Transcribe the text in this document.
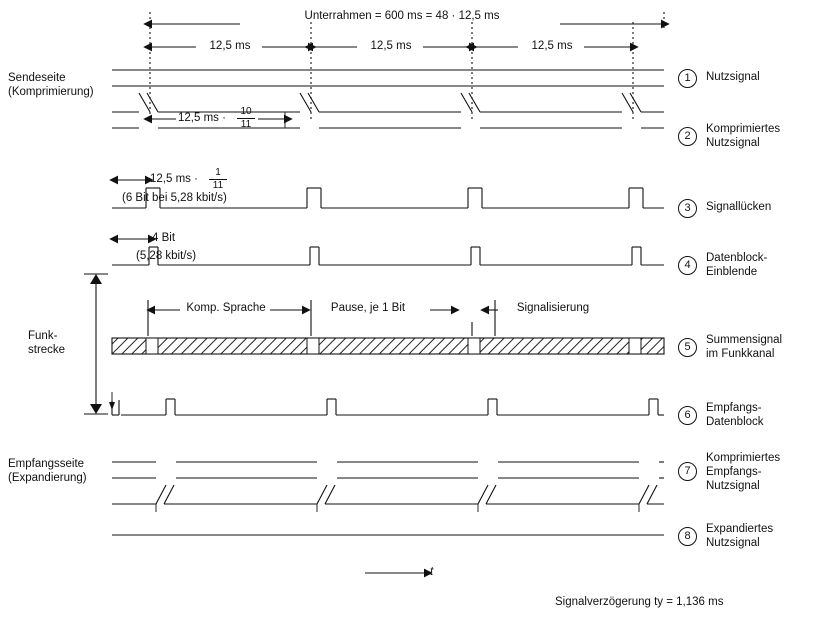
Unterrahmen = 600 ms = 48 · 12,5 ms
12,5 ms	12,5 ms	12,5 ms
Sendeseite
(Komprimierung)
Funk-
strecke
Empfangsseite
(Expandierung)
12,5 ms ·
10
11
12,5 ms ·
1
11
(6 Bit bei 5,28 kbit/s)
4 Bit
(5,28 kbit/s)
Komp. Sprache	Pause, je 1 Bit	Signalisierung
1	Nutzsignal
2
Komprimiertes
Nutzsignal
3	Signallücken
4
Datenblock-
Einblende
5
Summensignal
im Funkkanal
6
Empfangs-
Datenblock
7
Komprimiertes
Empfangs-
Nutzsignal
8
Expandiertes
Nutzsignal
t
Signalverzögerung ty = 1,136 ms
